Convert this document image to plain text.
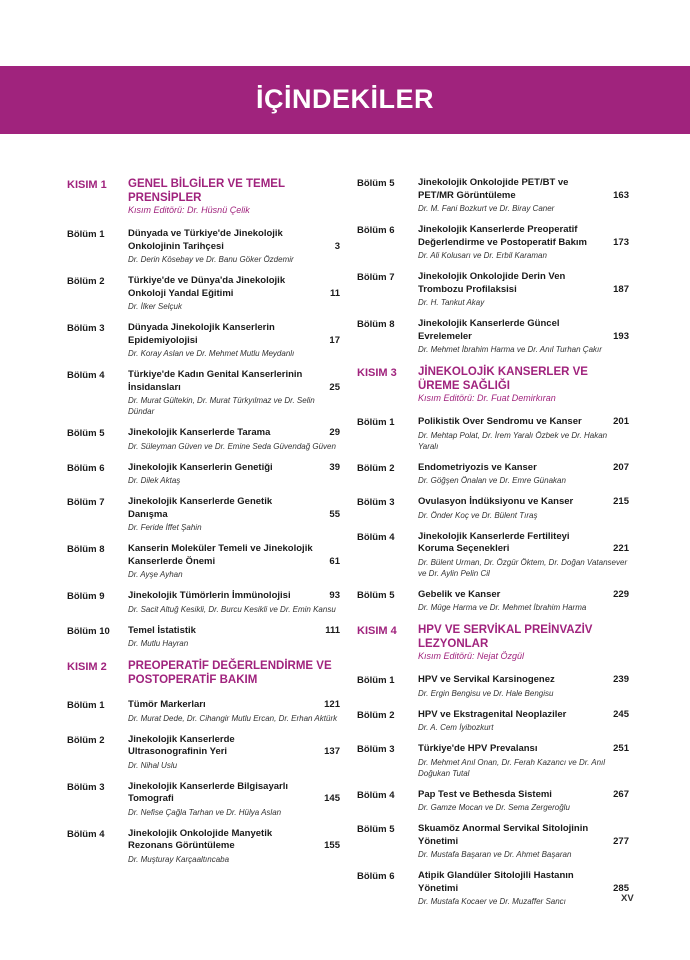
İÇİNDEKİLER
KISIM 1	GENEL BİLGİLER VE TEMEL PRENSİPLER
Kısım Editörü: Dr. Hüsnü Çelik
Bölüm 1	Dünyada ve Türkiye'de Jinekolojik Onkolojinin Tarihçesi	3
Dr. Derin Kösebay ve Dr. Banu Göker Özdemir
Bölüm 2	Türkiye'de ve Dünya'da Jinekolojik Onkoloji Yandal Eğitimi	11
Dr. İlker Selçuk
Bölüm 3	Dünyada Jinekolojik Kanserlerin Epidemiyolojisi	17
Dr. Koray Aslan ve Dr. Mehmet Mutlu Meydanlı
Bölüm 4	Türkiye'de Kadın Genital Kanserlerinin İnsidansları	25
Dr. Murat Gültekin, Dr. Murat Türkyılmaz ve Dr. Selin Dündar
Bölüm 5	Jinekolojik Kanserlerde Tarama	29
Dr. Süleyman Güven ve Dr. Emine Seda Güvendağ Güven
Bölüm 6	Jinekolojik Kanserlerin Genetiği	39
Dr. Dilek Aktaş
Bölüm 7	Jinekolojik Kanserlerde Genetik Danışma	55
Dr. Feride İffet Şahin
Bölüm 8	Kanserin Moleküler Temeli ve Jinekolojik Kanserlerde Önemi	61
Dr. Ayşe Ayhan
Bölüm 9	Jinekolojik Tümörlerin İmmünolojisi	93
Dr. Sacit Altuğ Kesikli, Dr. Burcu Kesikli ve Dr. Emin Kansu
Bölüm 10	Temel İstatistik	111
Dr. Mutlu Hayran
KISIM 2	PREOPERATİF DEĞERLENDİRME VE POSTOPERATİF BAKIM
Bölüm 1	Tümör Markerları	121
Dr. Murat Dede, Dr. Cihangir Mutlu Ercan, Dr. Erhan Aktürk
Bölüm 2	Jinekolojik Kanserlerde Ultrasonografinin Yeri	137
Dr. Nihal Uslu
Bölüm 3	Jinekolojik Kanserlerde Bilgisayarlı Tomografi	145
Dr. Nefise Çağla Tarhan ve Dr. Hülya Aslan
Bölüm 4	Jinekolojik Onkolojide Manyetik Rezonans Görüntüleme	155
Dr. Muşturay Karçaaltıncaba
Bölüm 5	Jinekolojik Onkolojide PET/BT ve PET/MR Görüntüleme	163
Dr. M. Fani Bozkurt ve Dr. Biray Caner
Bölüm 6	Jinekolojik Kanserlerde Preoperatif Değerlendirme ve Postoperatif Bakım	173
Dr. Ali Kolusarı ve Dr. Erbil Karaman
Bölüm 7	Jinekolojik Onkolojide Derin Ven Trombozu Profilaksisi	187
Dr. H. Tankut Akay
Bölüm 8	Jinekolojik Kanserlerde Güncel Evrelemeler	193
Dr. Mehmet İbrahim Harma ve Dr. Anıl Turhan Çakır
KISIM 3	JİNEKOLOJİK KANSERLER VE ÜREME SAĞLIĞI
Kısım Editörü: Dr. Fuat Demirkıran
Bölüm 1	Polikistik Over Sendromu ve Kanser	201
Dr. Mehtap Polat, Dr. İrem Yaralı Özbek ve Dr. Hakan Yaralı
Bölüm 2	Endometriyozis ve Kanser	207
Dr. Göğşen Önalan ve Dr. Emre Günakan
Bölüm 3	Ovulasyon İndüksiyonu ve Kanser	215
Dr. Önder Koç ve Dr. Bülent Tıraş
Bölüm 4	Jinekolojik Kanserlerde Fertiliteyi Koruma Seçenekleri	221
Dr. Bülent Urman, Dr. Özgür Öktem, Dr. Doğan Vatansever ve Dr. Aylin Pelin Cil
Bölüm 5	Gebelik ve Kanser	229
Dr. Müge Harma ve Dr. Mehmet İbrahim Harma
KISIM 4	HPV VE SERVİKAL PREİNVAZİV LEZYONLAR
Kısım Editörü: Nejat Özgül
Bölüm 1	HPV ve Servikal Karsinogenez	239
Dr. Ergin Bengisu ve Dr. Hale Bengisu
Bölüm 2	HPV ve Ekstragenital Neoplaziler	245
Dr. A. Cem İyibozkurt
Bölüm 3	Türkiye'de HPV Prevalansı	251
Dr. Mehmet Anıl Onan, Dr. Ferah Kazancı ve Dr. Anıl Doğukan Tutal
Bölüm 4	Pap Test ve Bethesda Sistemi	267
Dr. Gamze Mocan ve Dr. Sema Zergeroğlu
Bölüm 5	Skuamöz Anormal Servikal Sitolojinin Yönetimi	277
Dr. Mustafa Başaran ve Dr. Ahmet Başaran
Bölüm 6	Atipik Glandüler Sitolojili Hastanın Yönetimi	285
Dr. Mustafa Kocaer ve Dr. Muzaffer Sancı	XV
